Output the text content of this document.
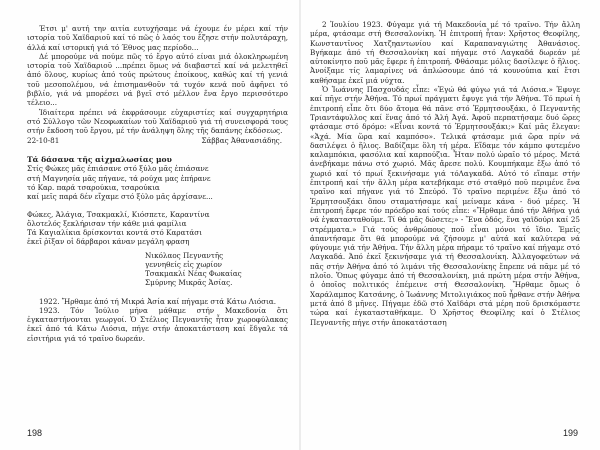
Έτσι μ' αυτή την αιτία ευτυχήσαμε νά έχουμε έν μέρει καί τήν ιστορία τοῦ Χαϊδαριοῦ καί τό πῶς ὁ λαός του ἔζησε στήν πολυτάραχη, άλλά καί ιστορική γιά τό Έθνος μας περίοδο...

Δέ μπορούμε νά πούμε πῶς τό ἔργο αὐτό είναι μιά ὁλοκληρωμένη ιστορία τοῦ Χαϊδαριοῦ ...πρέπει ὅμως νά διαβαστεῖ καί νά μελετηθεῖ ἀπό ὅλους, κυρίως ἀπό τούς πρώτους ἐποίκους, καθώς καί τή γενιά τοῦ μεσοπολέμου, νά ἐπισημανθοῦν τά τυχόν κενά ποῦ ἀφῆνει τό βιβλίο, γιά νά μπορέσει νά βγεῖ στό μέλλον ἕνα ἔργο περισσότερο τέλειο...

Ἰδιαίτερα πρέπει νά ἐκφράσουμε εὐχαριστίες καί συγχαρητήρια στό Σύλλογο τῶν Νεοφωκαίων τοῦ Χαϊδαριοῦ γιά τή συνεισφορά τους στήν ἔκδοση τοῦ ἔργου, μέ τήν ἀνάληψη ὅλης τῆς δαπάνης ἐκδόσεως.

22-10-81	Σάββας Ἀθανασιάδης.
Τά δάσανα τῆς αἰχμαλωσίας μου
Στίς Φώκες μᾶς ἐπιάσανε στό ξύλο μᾶς ἐπιάσανε
στή Μαγνησία μᾶς πήγανε, τά ρούχα μας ἐπήρανε
τό Καρ. παρά τσαρούκια, τσαρούκια
καί μεῖς παρά δέν εἴχαμε στό ξύλο μᾶς ἀρχίσανε...
Φώκες, Ἀλάγια, Τσακμακλί, Κιόσπετε, Καραντίνα
ὅλοτελός ξεκλήρισαν τήν κάθε μιά φαμίλια
Τά Καγιαλίκια δρίσκονται κοντά στό Καρατάσι
ἐκεῖ ῥῖξαν οἱ δάρβαροι κάναν μεγάλη φραση
Νικόλαος Πεγναντῆς
γεννηθείς εἰς χωρίον
Τσακμακλί Νέας Φωκαίας
Σμύρνης Μικρᾶς Ἀσίας.

1922. Ἤρθαμε ἀπό τή Μικρά Ἀσία καί πήγαμε στά Κάτω Λιόσια.

1923. Τόν Ἰούλιο μήνα μάθαμε στήν Μακεδονία ὅτι ἐγκαταστήνονται γεωργοί. Ὁ Στέλιος Πεγναντῆς ἦταν χωροφύλακας ἐκεῖ ἀπό τά Κάτω Λιόσια, πήγε στήν ἀποκατάσταση καί ἔδγαλε τά εἰσιτήρια γιά τό τραῖνο δωρεάν.

198

2 Ἰουλίου 1923. Φύγαμε γιά τή Μακεδονία μέ τό τραῖνο. Τήν ἄλλη μέρα, φτάσαμε στή Θεσσαλονίκη. Ἡ ἐπιτροπή ἦταν: Χρῆστος Θεοφίλης, Κωνσταντῖνος Χατζηαντωνίου καί Καραπαναγιώτης Ἀθανάσιος. Βγήκαμε ἀπό τή Θεσσαλονίκη καί πήγαμε στό Λαγκαδά δωρεάν μέ αὐτοκίνητο ποῦ μᾶς ἔφερε ἡ ἐπιτροπή. Φθάσαμε μόλις δασίλεψε ὁ ἥλιος. Ἀνοίξαμε τίς λαμαρίνες νά ἀπλώσουμε ἀπό τά κουνούπια καί ἔτσι καθήσαμε ἐκεῖ μιά νύχτα.

Ὁ Ἰωάννης Πασχουδάς εἶπε: «Ἐγώ θά φύγω γιά τά Λιόσια.» Ἐφυγε καί πῆγε στήν Ἀθήνα. Τό πρωί πράγματι ἔφυγε γιά τήν Ἀθήνα. Τό πρωί ἡ ἐπιτροπή εἶπε ὅτι δύο ἄτομα θά πᾶνε στό Ἐρμητσουξάκι, ὁ Πεγναντῆς Τριαντάφυλλος καί ἕνας ἀπό τό Ἀλή Ἀγά. Ἀφοῦ περπατήσαμε δυό ὥρες φτάσαμε στό δρόμο: «Εἶναι κοντά τό Ἐρμητσουξάκι;» Καί μᾶς ἔλεγαν: «Ἀχά. Μία ὥρα καί καμπόσο». Τελικά φτάσαμε μιά ὥρα πρίν νά δασιλέψει ὁ ἥλιος. Βαδίζαμε ὅλη τή μέρα. Εἴδαμε τόν κάμπο φυτεμένο καλαμπόκια, φασόλια καί καρπούζια. Ἦταν πολύ ὡραῖο τό μέρος. Μετά ἀνεβήκαμε πάνω στό χωριό. Μᾶς ἄρεσε πολύ. Κουμπήκαμε ἔξω ἀπό τό χωριό καί τό πρωί ξεκινήσαμε γιά τόΛαγκαδά. Αὐτό τό εἴπαμε στήν ἐπιτροπή καί τήν ἄλλη μέρα κατεβήκαμε στό σταθμό ποῦ περιμένε ἕνα τραῖνο καί πήγανε γιά τό Σπεύρό. Τό τραῖνο περιμένε ἔξω ἀπό τό Ἐρμητσουξάκι ὅπου σταματήσαμε καί μείναμε κάνα - δυό μέρες. Ἡ ἐπιτροπή ἔφερε τόν πρόεδρο καί τούς εἶπε: «Ἤρθαμε ἀπό τήν Ἀθήνα γιά νά ἐγκατασταθοῦμε. Τί θά μᾶς δώσετε;» - Ἕνα ὁδός, ἕνα γαϊδούρι καί 25 στρέμματα.» Γιά τούς ἀνθρώπους ποῦ εἶναι μόνοι τό ἴδιο. Ἐμεῖς ἀπαντήσαμε ὅτι θά μπορούμε νά ζήσουμε μ' αὐτά καί καλύτερα νά φύγουμε γιά τήν Ἀθήνα. Τήν ἄλλη μέρα πήραμε τό τραῖνο καί πήγαμε στό Λαγκαδά. Ἀπό ἐκεῖ ξεκινήσαμε γιά τή Θεσσαλονίκη. Ἀλλαγοφεύτων νά πᾶς στήν Ἀθήνα ἀπό τό λιμάνι τῆς Θεσσαλονίκης ἔπρεπε νά πᾶμε μέ τό πλοῖο. Ὅπως φύγαμε ἀπό τή Θεσσαλονίκη, μιά πρώτη μέρα στήν Ἀθήνα, ὁ ὁποῖος πολιτικός ἐπέμεινε στή Θεσσαλονίκη. Ἤρθαμε ὅμως ὁ Χαράλαμπος Κατσάνης, ὁ Ἰωάννης Μιτολιγιάκος ποῦ ἦρθανε στήν Ἀθήνα μετά ἀπό 8 μῆνες. Πήγαμε ἐδῶ στό Χαϊδάρι στά μέρη ποῦ δρισκόμαστε τώρα καί ἐγκατασταθήκαμε. Ὁ Χρῆστος Θεοφίλης καί ὁ Στέλιος Πεγναντῆς πήγε στήν ἀποκατάσταση

199
